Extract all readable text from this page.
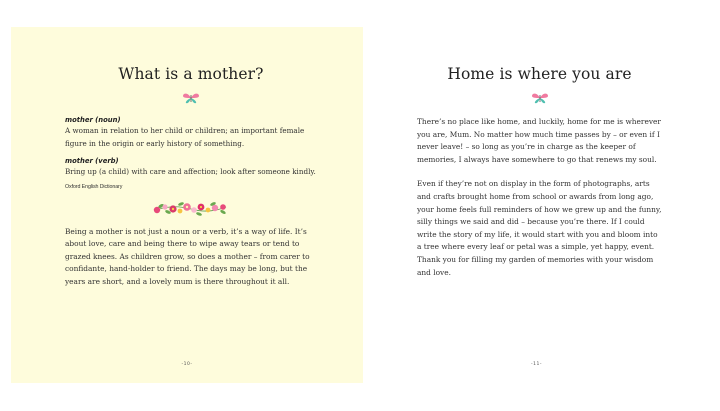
What is a mother?

mother (noun)

A woman in relation to her child or children; an important female figure in the origin or early history of something.

mother (verb)

Bring up (a child) with care and affection; look after someone kindly.

Oxford English Dictionary

Being a mother is not just a noun or a verb, it’s a way of life. It’s about love, care and being there to wipe away tears or tend to grazed knees. As children grow, so does a mother – from carer to confidante, hand-holder to friend. The days may be long, but the years are short, and a lovely mum is there throughout it all.

-10-
Home is where you are

There’s no place like home, and luckily, home for me is wherever you are, Mum. No matter how much time passes by – or even if I never leave! – so long as you’re in charge as the keeper of memories, I always have somewhere to go that renews my soul.

Even if they’re not on display in the form of photographs, arts and crafts brought home from school or awards from long ago, your home feels full reminders of how we grew up and the funny, silly things we said and did – because you’re there. If I could write the story of my life, it would start with you and bloom into a tree where every leaf or petal was a simple, yet happy, event. Thank you for filling my garden of memories with your wisdom and love.

-11-
